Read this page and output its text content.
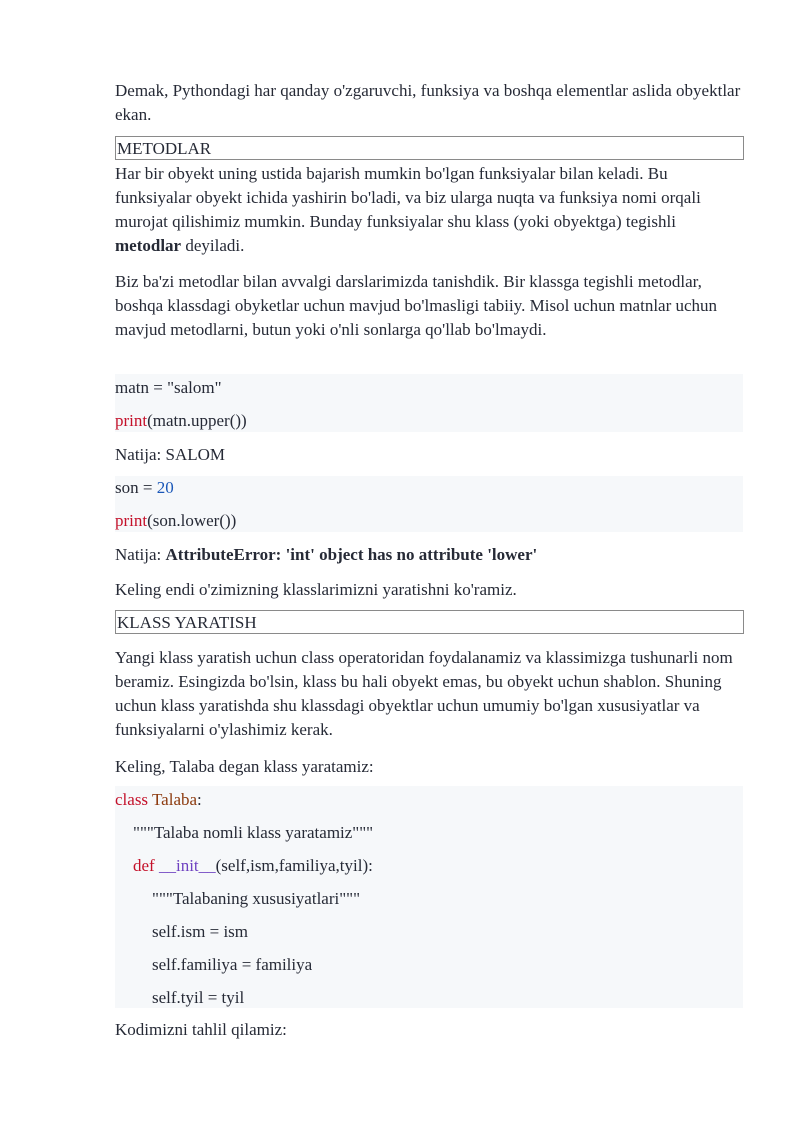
Demak, Pythondagi har qanday o'zgaruvchi, funksiya va boshqa elementlar aslida obyektlar ekan.

METODLAR

Har bir obyekt uning ustida bajarish mumkin bo'lgan funksiyalar bilan keladi. Bu funksiyalar obyekt ichida yashirin bo'ladi, va biz ularga nuqta va funksiya nomi orqali murojat qilishimiz mumkin. Bunday funksiyalar shu klass (yoki obyektga) tegishli metodlar deyiladi.

Biz ba'zi metodlar bilan avvalgi darslarimizda tanishdik. Bir klassga tegishli metodlar, boshqa klassdagi obyketlar uchun mavjud bo'lmasligi tabiiy. Misol uchun matnlar uchun mavjud metodlarni, butun yoki o'nli sonlarga qo'llab bo'lmaydi.

matn = "salom"
print(matn.upper())

Natija: SALOM

son = 20
print(son.lower())

Natija: AttributeError: 'int' object has no attribute 'lower'

Keling endi o'zimizning klasslarimizni yaratishni ko'ramiz.

KLASS YARATISH

Yangi klass yaratish uchun class operatoridan foydalanamiz va klassimizga tushunarli nom beramiz. Esingizda bo'lsin, klass bu hali obyekt emas, bu obyekt uchun shablon. Shuning uchun klass yaratishda shu klassdagi obyektlar uchun umumiy bo'lgan xususiyatlar va funksiyalarni o'ylashimiz kerak.

Keling, Talaba degan klass yaratamiz:

class Talaba:
"""Talaba nomli klass yaratamiz"""
def __init__(self,ism,familiya,tyil):
"""Talabaning xususiyatlari"""
self.ism = ism
self.familiya = familiya
self.tyil = tyil

Kodimizni tahlil qilamiz:
